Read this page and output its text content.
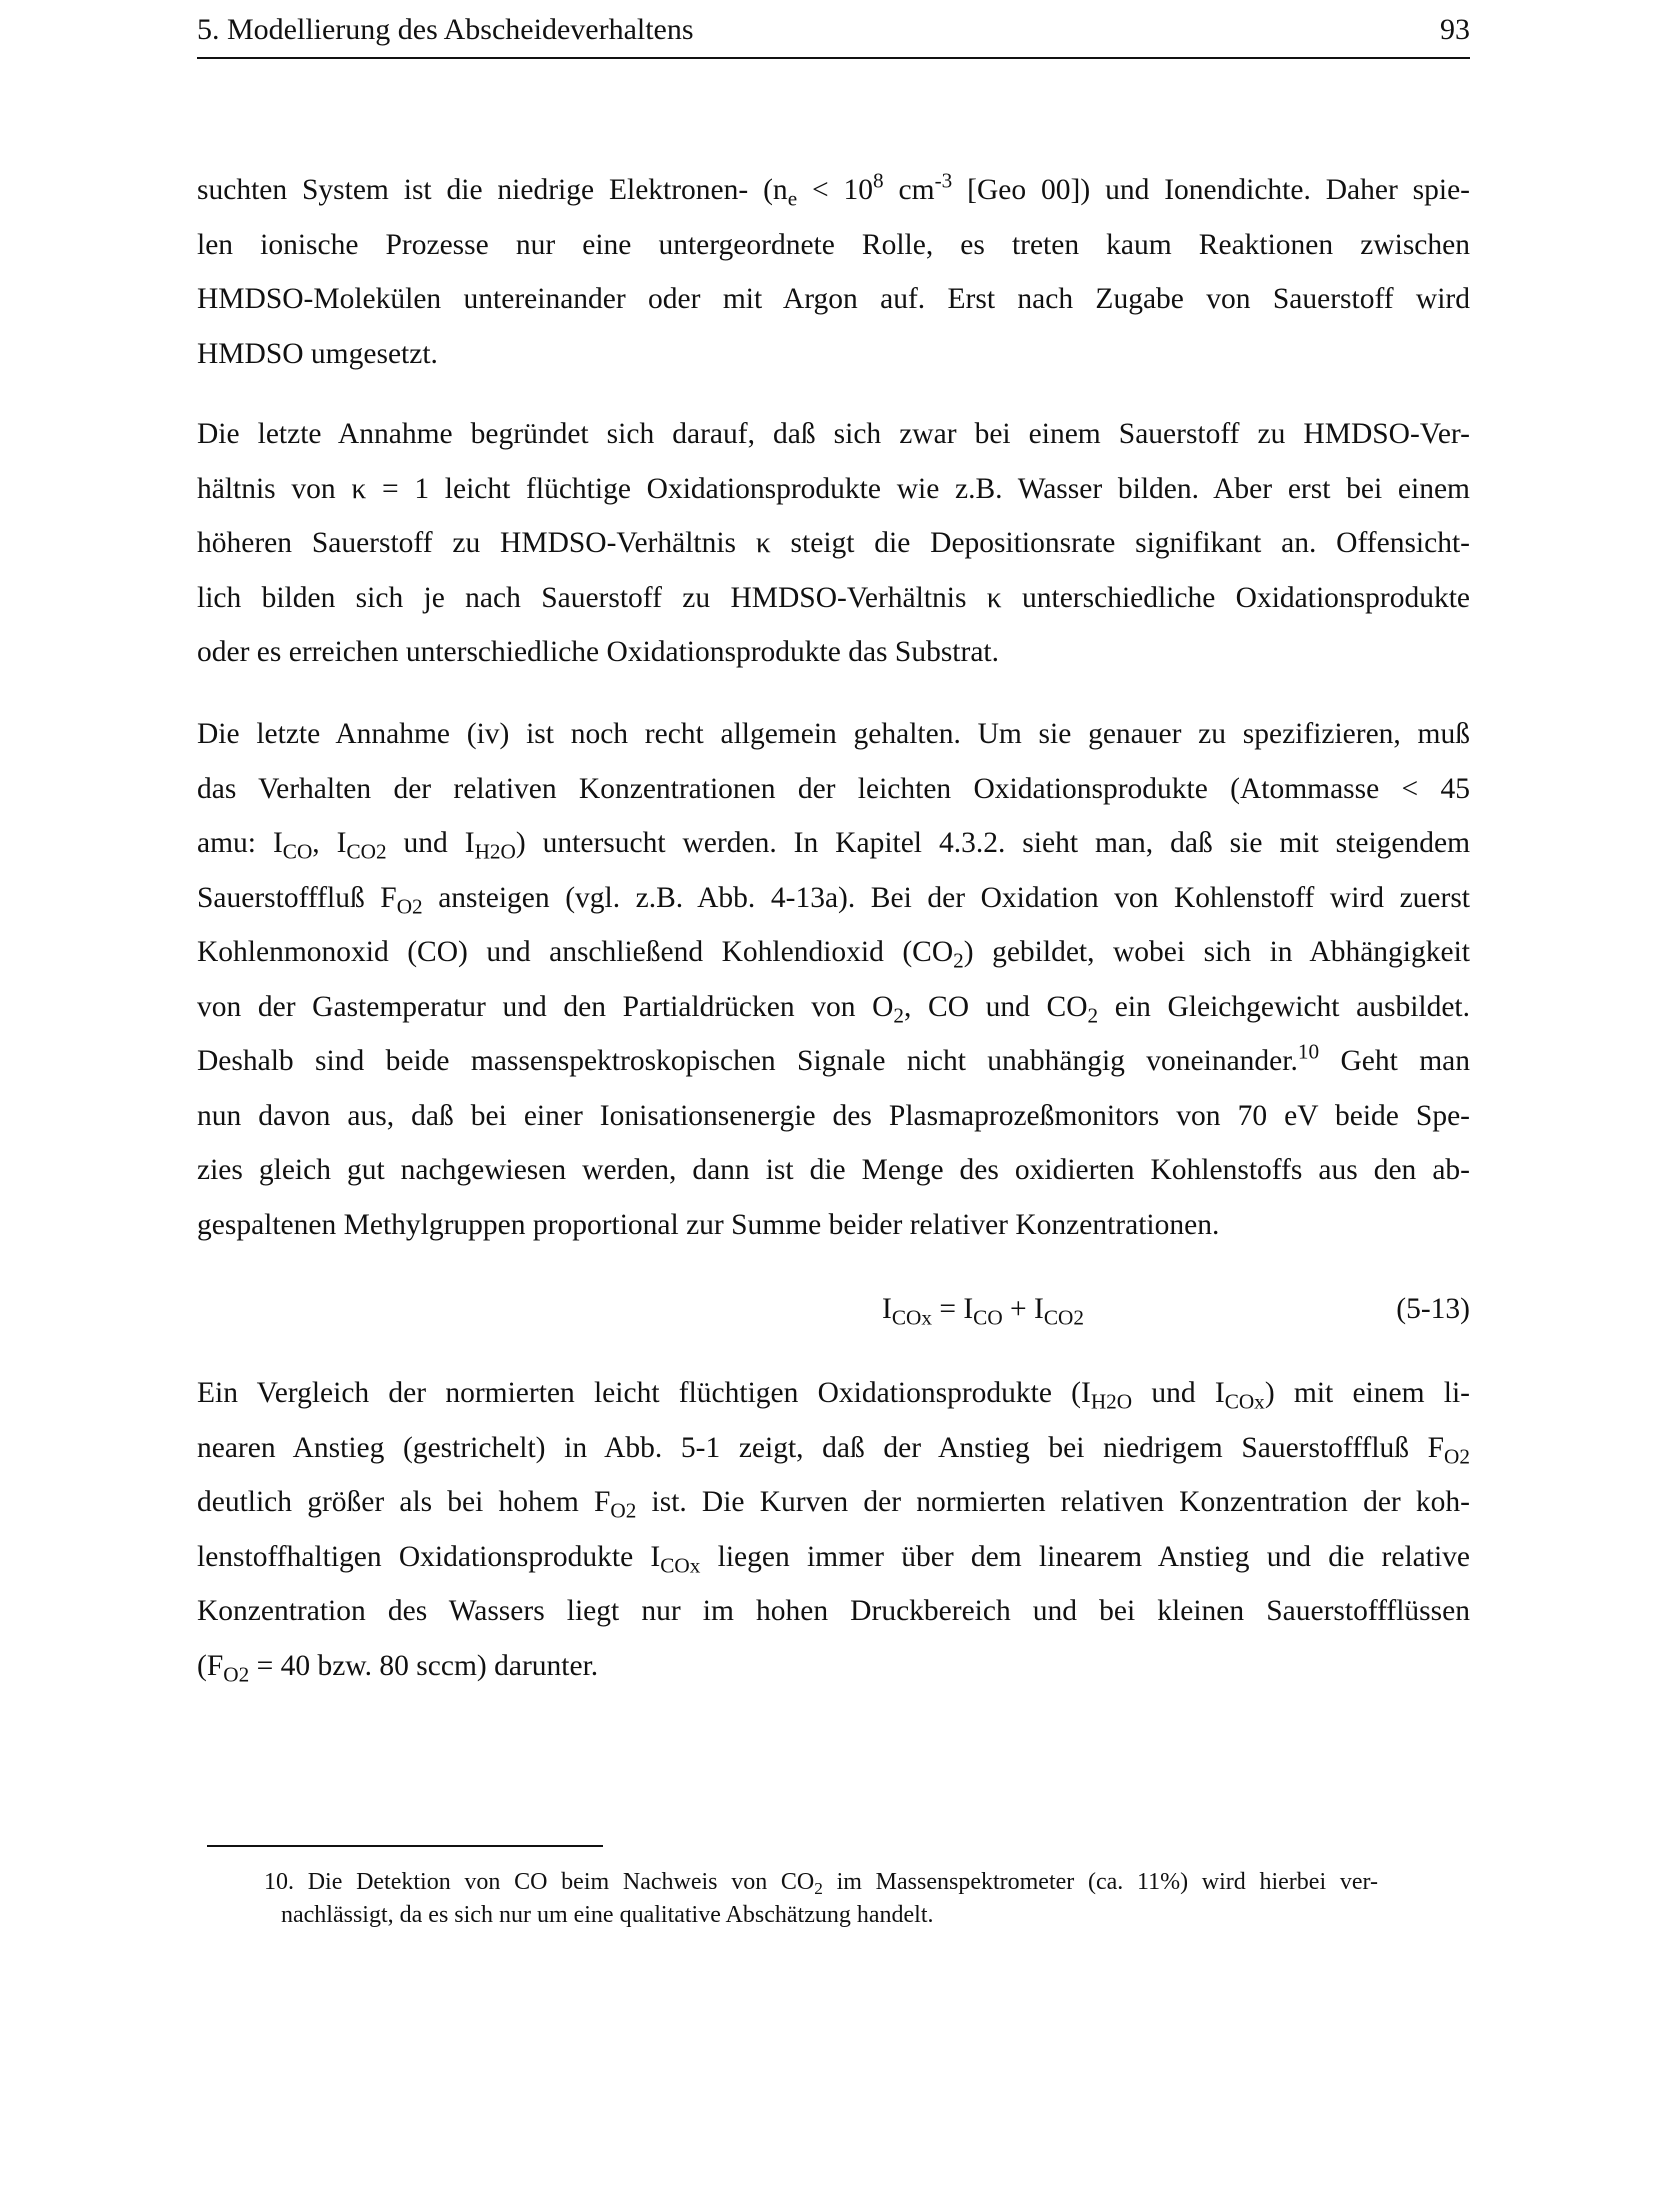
5. Modellierung des Abscheideverhaltens	93
suchten System ist die niedrige Elektronen- ($n_e < 10^8$ $cm^{-3}$ [Geo 00]) und Ionendichte. Daher spie-
len ionische Prozesse nur eine untergeordnete Rolle, es treten kaum Reaktionen zwischen
HMDSO-Molekülen untereinander oder mit Argon auf. Erst nach Zugabe von Sauerstoff wird
HMDSO umgesetzt.
Die letzte Annahme begründet sich darauf, daß sich zwar bei einem Sauerstoff zu HMDSO-Ver-
hältnis von κ = 1 leicht flüchtige Oxidationsprodukte wie z.B. Wasser bilden. Aber erst bei einem
höheren Sauerstoff zu HMDSO-Verhältnis κ steigt die Depositionsrate signifikant an. Offensicht-
lich bilden sich je nach Sauerstoff zu HMDSO-Verhältnis κ unterschiedliche Oxidationsprodukte
oder es erreichen unterschiedliche Oxidationsprodukte das Substrat.
Die letzte Annahme (iv) ist noch recht allgemein gehalten. Um sie genauer zu spezifizieren, muß
das Verhalten der relativen Konzentrationen der leichten Oxidationsprodukte (Atommasse < 45
amu: $I_{CO}$, $I_{CO2}$ und $I_{H2O}$) untersucht werden. In Kapitel 4.3.2. sieht man, daß sie mit steigendem
Sauerstofffluß $F_{O2}$ ansteigen (vgl. z.B. Abb. 4-13a). Bei der Oxidation von Kohlenstoff wird zuerst
Kohlenmonoxid (CO) und anschließend Kohlendioxid $(CO_2)$ gebildet, wobei sich in Abhängigkeit
von der Gastemperatur und den Partialdrücken von $O_2$, CO und $CO_2$ ein Gleichgewicht ausbildet.
Deshalb sind beide massenspektroskopischen Signale nicht unabhängig voneinander.$^{10}$ Geht man
nun davon aus, daß bei einer Ionisationsenergie des Plasmaprozeßmonitors von 70 eV beide Spe-
zies gleich gut nachgewiesen werden, dann ist die Menge des oxidierten Kohlenstoffs aus den ab-
gespaltenen Methylgruppen proportional zur Summe beider relativer Konzentrationen.
$I_{COx} = I_{CO} + I_{CO2}$	(5-13)
Ein Vergleich der normierten leicht flüchtigen Oxidationsprodukte ($I_{H2O}$ und $I_{COx}$) mit einem li-
nearen Anstieg (gestrichelt) in Abb. 5-1 zeigt, daß der Anstieg bei niedrigem Sauerstofffluß $F_{O2}$
deutlich größer als bei hohem $F_{O2}$ ist. Die Kurven der normierten relativen Konzentration der koh-
lenstoffhaltigen Oxidationsprodukte $I_{COx}$ liegen immer über dem linearem Anstieg und die relative
Konzentration des Wassers liegt nur im hohen Druckbereich und bei kleinen Sauerstoffflüssen
($F_{O2} = 40$ bzw. 80 sccm) darunter.
10. Die Detektion von CO beim Nachweis von $CO_2$ im Massenspektrometer (ca. 11%) wird hierbei ver-
nachlässigt, da es sich nur um eine qualitative Abschätzung handelt.
